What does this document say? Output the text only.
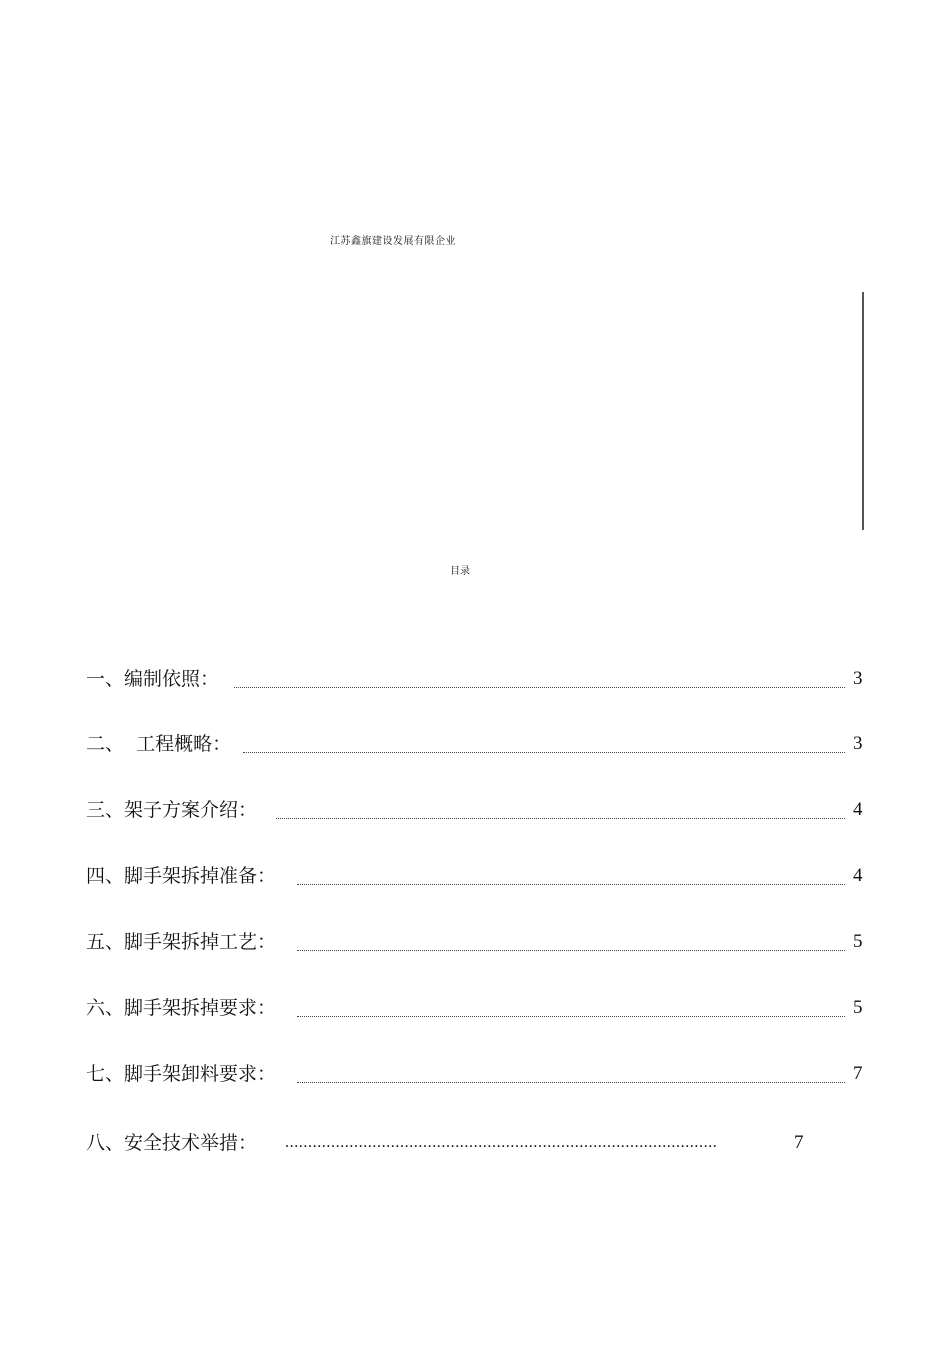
江苏鑫旗建设发展有限企业
目录
一、编制依照：	3
二、  工程概略：	3
三、架子方案介绍：	4
四、脚手架拆掉准备：	4
五、脚手架拆掉工艺：	5
六、脚手架拆掉要求：	5
七、脚手架卸料要求：	7
八、安全技术举措： ..............................................................................................	7
